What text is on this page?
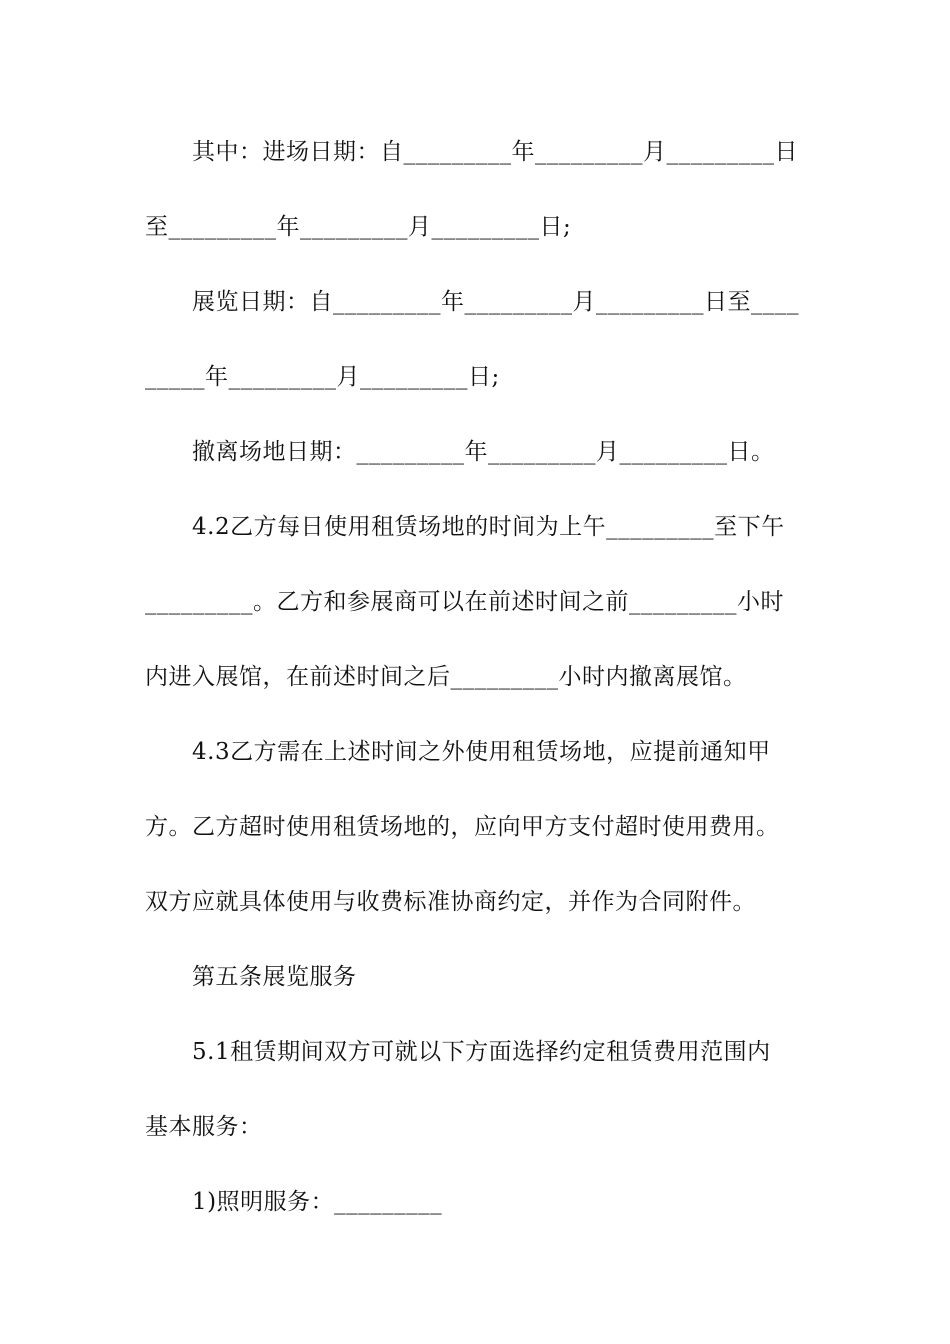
其中：进场日期：自_________年_________月_________日
至_________年_________月_________日;
展览日期：自_________年_________月_________日至____
_____年_________月_________日;
撤离场地日期：_________年_________月_________日。
4.2乙方每日使用租赁场地的时间为上午_________至下午
_________。乙方和参展商可以在前述时间之前_________小时
内进入展馆，在前述时间之后_________小时内撤离展馆。
4.3乙方需在上述时间之外使用租赁场地，应提前通知甲
方。乙方超时使用租赁场地的，应向甲方支付超时使用费用。
双方应就具体使用与收费标准协商约定，并作为合同附件。
第五条展览服务
5.1租赁期间双方可就以下方面选择约定租赁费用范围内
基本服务：
1)照明服务：_________
